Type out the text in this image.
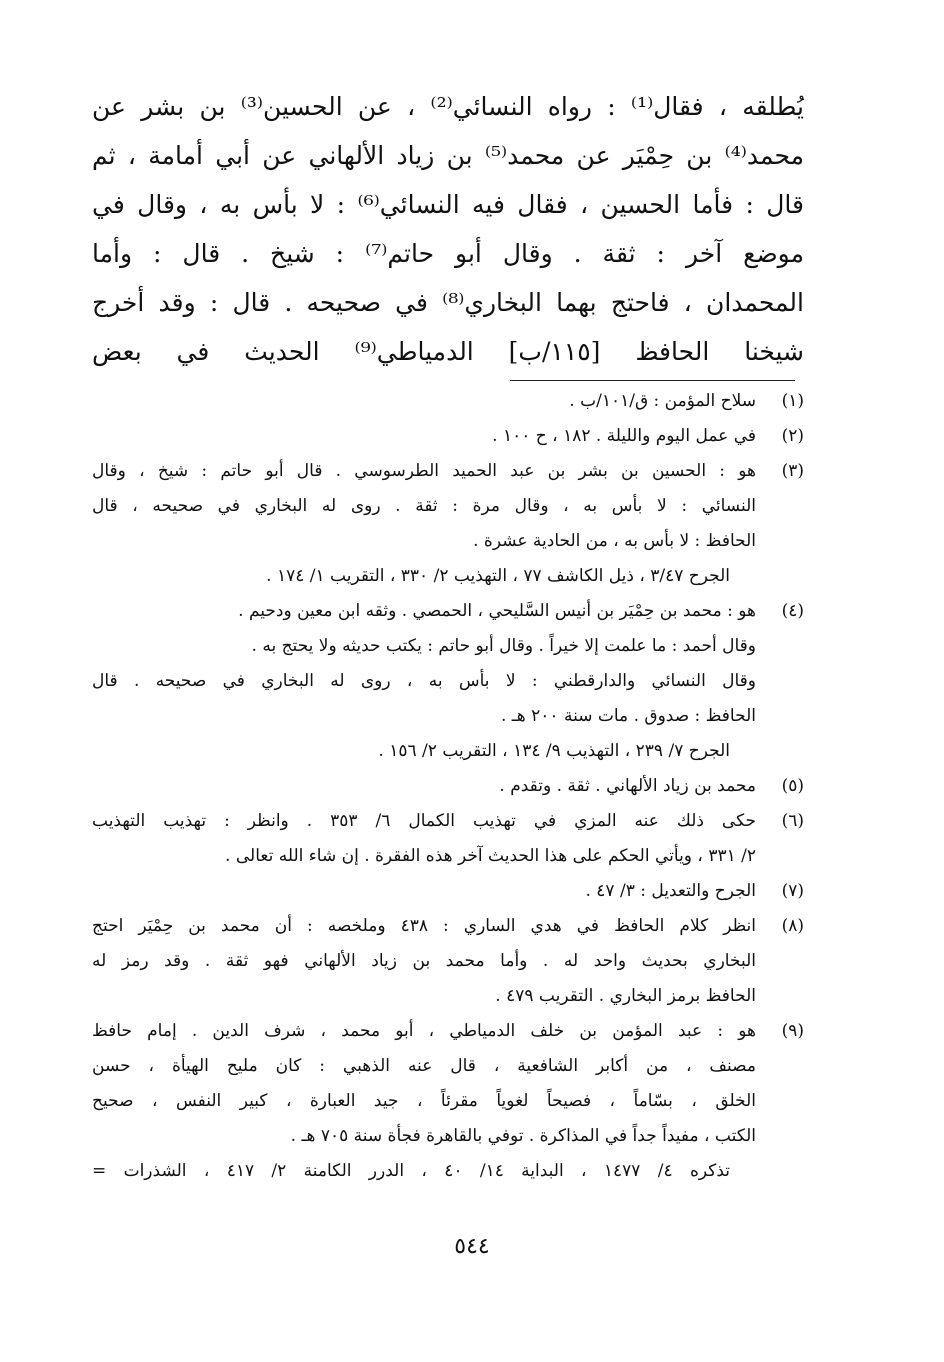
يُطلقه ، فقال⁽¹⁾ : رواه النسائي⁽²⁾ ، عن الحسين⁽³⁾ بن بشر عن
محمد⁽⁴⁾ بن حِمْيَر عن محمد⁽⁵⁾ بن زياد الألهاني عن أبي أمامة ، ثم
قال : فأما الحسين ، فقال فيه النسائي⁽⁶⁾ : لا بأس به ، وقال في
موضع آخر : ثقة . وقال أبو حاتم⁽⁷⁾ : شيخ . قال : وأما
المحمدان ، فاحتج بهما البخاري⁽⁸⁾ في صحيحه . قال : وقد أخرج
شيخنا الحافظ [١١٥/ب] الدمياطي⁽⁹⁾ الحديث في بعض
(١)
سلاح المؤمن : ق/١٠١/ب .
(٢)
في عمل اليوم والليلة . ١٨٢ ، ح ١٠٠ .
(٣)
هو : الحسين بن بشر بن عبد الحميد الطرسوسي . قال أبو حاتم : شيخ ، وقال
النسائي : لا بأس به ، وقال مرة : ثقة . روى له البخاري في صحيحه ، قال
الحافظ : لا بأس به ، من الحادية عشرة .
الجرح ٣/٤٧ ، ذيل الكاشف ٧٧ ، التهذيب ٢/ ٣٣٠ ، التقريب ١/ ١٧٤ .
(٤)
هو : محمد بن حِمْيَر بن أنيس السَّليحي ، الحمصي . وثقه ابن معين ودحيم .
وقال أحمد : ما علمت إلا خيراً . وقال أبو حاتم : يكتب حديثه ولا يحتج به .
وقال النسائي والدارقطني : لا بأس به ، روى له البخاري في صحيحه . قال
الحافظ : صدوق . مات سنة ٢٠٠ هـ .
الجرح ٧/ ٢٣٩ ، التهذيب ٩/ ١٣٤ ، التقريب ٢/ ١٥٦ .
(٥)
محمد بن زياد الألهاني . ثقة . وتقدم .
(٦)
حكى ذلك عنه المزي في تهذيب الكمال ٦/ ٣٥٣ . وانظر : تهذيب التهذيب
٢/ ٣٣١ ، ويأتي الحكم على هذا الحديث آخر هذه الفقرة . إن شاء الله تعالى .
(٧)
الجرح والتعديل : ٣/ ٤٧ .
(٨)
انظر كلام الحافظ في هدي الساري : ٤٣٨ وملخصه : أن محمد بن حِمْيَر احتج
البخاري بحديث واحد له . وأما محمد بن زياد الألهاني فهو ثقة . وقد رمز له
الحافظ برمز البخاري . التقريب ٤٧٩ .
(٩)
هو : عبد المؤمن بن خلف الدمياطي ، أبو محمد ، شرف الدين . إمام حافظ
مصنف ، من أكابر الشافعية ، قال عنه الذهبي : كان مليح الهيأة ، حسن
الخلق ، بسّاماً ، فصيحاً لغوياً مقرئاً ، جيد العبارة ، كبير النفس ، صحيح
الكتب ، مفيداً جداً في المذاكرة . توفي بالقاهرة فجأة سنة ٧٠٥ هـ .
تذكره ٤/ ١٤٧٧ ، البداية ١٤/ ٤٠ ، الدرر الكامنة ٢/ ٤١٧ ، الشذرات =
٥٤٤
